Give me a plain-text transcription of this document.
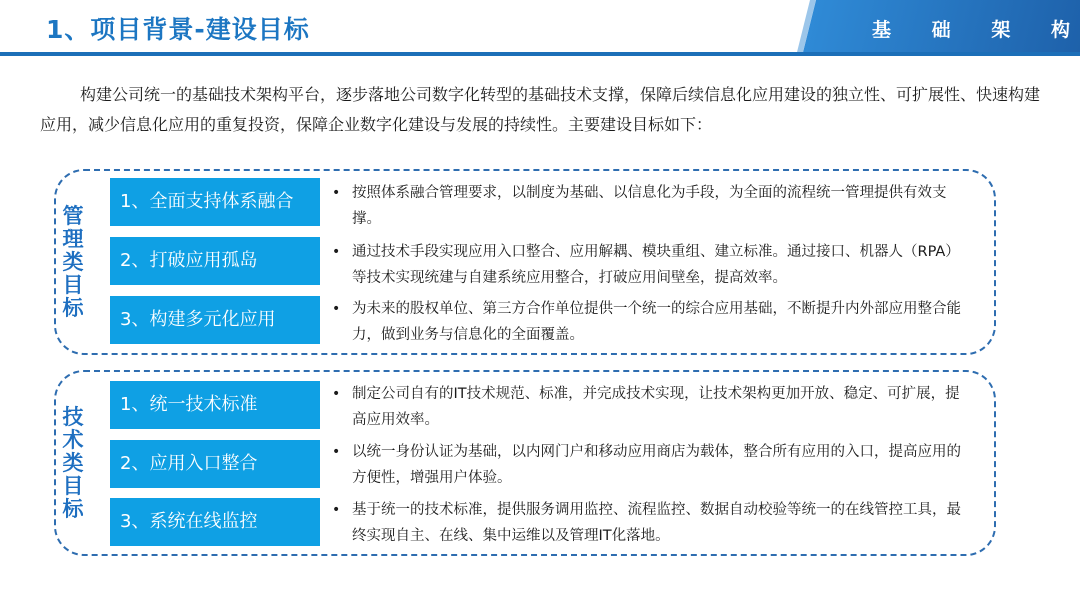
1、项目背景-建设目标	基 础 架 构
构建公司统一的基础技术架构平台，逐步落地公司数字化转型的基础技术支撑，保障后续信息化应用建设的独立性、可扩展性、快速构建应用，减少信息化应用的重复投资，保障企业数字化建设与发展的持续性。主要建设目标如下：
管理类目标
1、全面支持体系融合
2、打破应用孤岛
3、构建多元化应用
• 按照体系融合管理要求，以制度为基础、以信息化为手段，为全面的流程统一管理提供有效支撑。
• 通过技术手段实现应用入口整合、应用解耦、模块重组、建立标准。通过接口、机器人（RPA）等技术实现统建与自建系统应用整合，打破应用间壁垒，提高效率。
• 为未来的股权单位、第三方合作单位提供一个统一的综合应用基础，不断提升内外部应用整合能力，做到业务与信息化的全面覆盖。
技术类目标
1、统一技术标准
2、应用入口整合
3、系统在线监控
• 制定公司自有的IT技术规范、标准，并完成技术实现，让技术架构更加开放、稳定、可扩展，提高应用效率。
• 以统一身份认证为基础，以内网门户和移动应用商店为载体，整合所有应用的入口，提高应用的方便性，增强用户体验。
• 基于统一的技术标准，提供服务调用监控、流程监控、数据自动校验等统一的在线管控工具，最终实现自主、在线、集中运维以及管理IT化落地。
